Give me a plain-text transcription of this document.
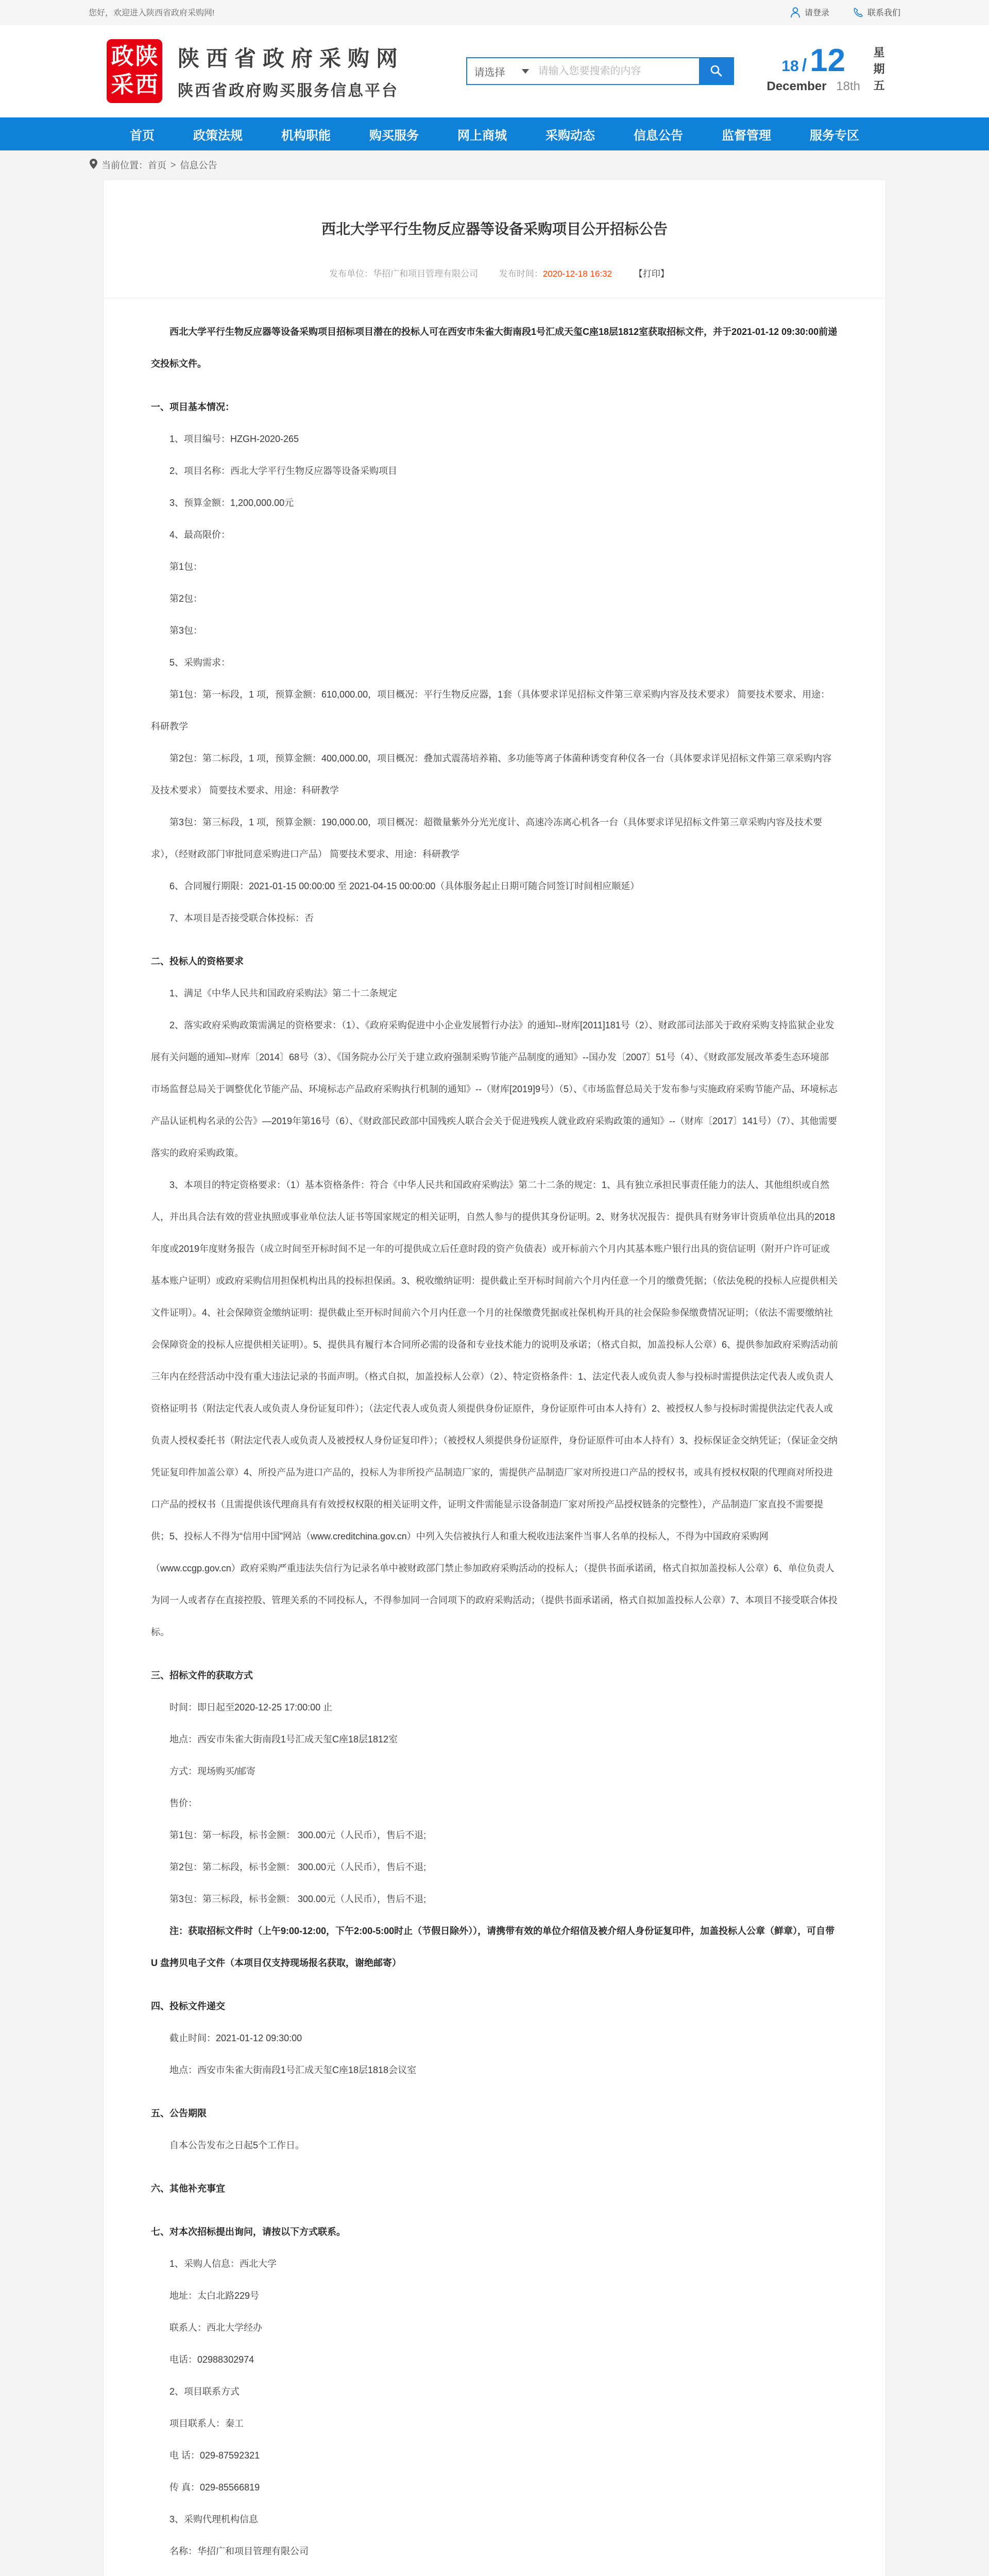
您好，欢迎进入陕西省政府采购网!	请登录	联系我们
政 陕
采 西
陕西省政府采购网
陕西省政府购买服务信息平台
请选择
请输入您要搜索的内容	18 / 12
December 18th 星期五
首页	政策法规	机构职能	购买服务	网上商城	采购动态	信息公告	监督管理	服务专区
当前位置： 首页 > 信息公告
西北大学平行生物反应器等设备采购项目公开招标公告
发布单位：华招广和项目管理有限公司 发布时间：2020-12-18 16:32	【打印】
西北大学平行生物反应器等设备采购项目招标项目潜在的投标人可在西安市朱雀大街南段1号汇成天玺C座18层1812室获取招标文件，并于2021-01-12 09:30:00前递交投标文件。
一、项目基本情况：
1、项目编号：HZGH-2020-265
2、项目名称：西北大学平行生物反应器等设备采购项目
3、预算金额：1,200,000.00元
4、最高限价：
第1包：
第2包：
第3包：
5、采购需求：
第1包：第一标段，1 项，预算金额：610,000.00，项目概况：平行生物反应器，1套（具体要求详见招标文件第三章采购内容及技术要求） 简要技术要求、用途：科研教学
第2包：第二标段，1 项，预算金额：400,000.00，项目概况：叠加式震荡培养箱、多功能等离子体菌种诱变育种仪各一台（具体要求详见招标文件第三章采购内容及技术要求） 简要技术要求、用途：科研教学
第3包：第三标段，1 项，预算金额：190,000.00，项目概况：超微量紫外分光光度计、高速冷冻离心机各一台（具体要求详见招标文件第三章采购内容及技术要求），（经财政部门审批同意采购进口产品） 简要技术要求、用途：科研教学
6、合同履行期限：2021-01-15 00:00:00 至 2021-04-15 00:00:00（具体服务起止日期可随合同签订时间相应顺延）
7、本项目是否接受联合体投标：否
二、投标人的资格要求
1、满足《中华人民共和国政府采购法》第二十二条规定
2、落实政府采购政策需满足的资格要求：（1）、《政府采购促进中小企业发展暂行办法》的通知--财库[2011]181号（2）、财政部司法部关于政府采购支持监狱企业发展有关问题的通知--财库〔2014〕68号（3）、《国务院办公厅关于建立政府强制采购节能产品制度的通知》--国办发〔2007〕51号（4）、《财政部发展改革委生态环境部市场监督总局关于调整优化节能产品、环境标志产品政府采购执行机制的通知》--（财库[2019]9号）（5）、《市场监督总局关于发布参与实施政府采购节能产品、环境标志产品认证机构名录的公告》—2019年第16号（6）、《财政部民政部中国残疾人联合会关于促进残疾人就业政府采购政策的通知》--（财库〔2017〕141号）（7）、其他需要落实的政府采购政策。
3、本项目的特定资格要求：（1）基本资格条件：符合《中华人民共和国政府采购法》第二十二条的规定：1、具有独立承担民事责任能力的法人、其他组织或自然人，并出具合法有效的营业执照或事业单位法人证书等国家规定的相关证明，自然人参与的提供其身份证明。2、财务状况报告：提供具有财务审计资质单位出具的2018年度或2019年度财务报告（成立时间至开标时间不足一年的可提供成立后任意时段的资产负债表）或开标前六个月内其基本账户银行出具的资信证明（附开户许可证或基本账户证明）或政府采购信用担保机构出具的投标担保函。3、税收缴纳证明：提供截止至开标时间前六个月内任意一个月的缴费凭据；（依法免税的投标人应提供相关文件证明）。4、社会保障资金缴纳证明：提供截止至开标时间前六个月内任意一个月的社保缴费凭据或社保机构开具的社会保险参保缴费情况证明；（依法不需要缴纳社会保障资金的投标人应提供相关证明）。5、提供具有履行本合同所必需的设备和专业技术能力的说明及承诺；（格式自拟，加盖投标人公章）6、提供参加政府采购活动前三年内在经营活动中没有重大违法记录的书面声明。（格式自拟，加盖投标人公章）（2）、特定资格条件：1、法定代表人或负责人参与投标时需提供法定代表人或负责人资格证明书（附法定代表人或负责人身份证复印件）；（法定代表人或负责人须提供身份证原件，身份证原件可由本人持有）2、被授权人参与投标时需提供法定代表人或负责人授权委托书（附法定代表人或负责人及被授权人身份证复印件）；（被授权人须提供身份证原件，身份证原件可由本人持有）3、投标保证金交纳凭证；（保证金交纳凭证复印件加盖公章）4、所投产品为进口产品的，投标人为非所投产品制造厂家的，需提供产品制造厂家对所投进口产品的授权书，或具有授权权限的代理商对所投进口产品的授权书（且需提供该代理商具有有效授权权限的相关证明文件，证明文件需能显示设备制造厂家对所投产品授权链条的完整性），产品制造厂家直投不需要提供；5、投标人不得为“信用中国”网站（www.creditchina.gov.cn）中列入失信被执行人和重大税收违法案件当事人名单的投标人，不得为中国政府采购网（www.ccgp.gov.cn）政府采购严重违法失信行为记录名单中被财政部门禁止参加政府采购活动的投标人；（提供书面承诺函，格式自拟加盖投标人公章）6、单位负责人为同一人或者存在直接控股、管理关系的不同投标人，不得参加同一合同项下的政府采购活动；（提供书面承诺函，格式自拟加盖投标人公章）7、本项目不接受联合体投标。
三、招标文件的获取方式
时间：即日起至2020-12-25 17:00:00 止
地点：西安市朱雀大街南段1号汇成天玺C座18层1812室
方式：现场购买/邮寄
售价：
第1包：第一标段，标书金额： 300.00元（人民币），售后不退;
第2包：第二标段，标书金额： 300.00元（人民币），售后不退;
第3包：第三标段，标书金额： 300.00元（人民币），售后不退;
注：获取招标文件时（上午9:00-12:00，下午2:00-5:00时止（节假日除外）），请携带有效的单位介绍信及被介绍人身份证复印件，加盖投标人公章（鲜章），可自带 U 盘拷贝电子文件（本项目仅支持现场报名获取，谢绝邮寄）
四、投标文件递交
截止时间：2021-01-12 09:30:00
地点：西安市朱雀大街南段1号汇成天玺C座18层1818会议室
五、公告期限
自本公告发布之日起5个工作日。
六、其他补充事宜
七、对本次招标提出询问，请按以下方式联系。
1、采购人信息：西北大学
地址：太白北路229号
联系人：西北大学经办
电话：02988302974
2、项目联系方式
项目联系人：秦工
电 话：029-87592321
传 真：029-85566819
3、采购代理机构信息
名称：华招广和项目管理有限公司
